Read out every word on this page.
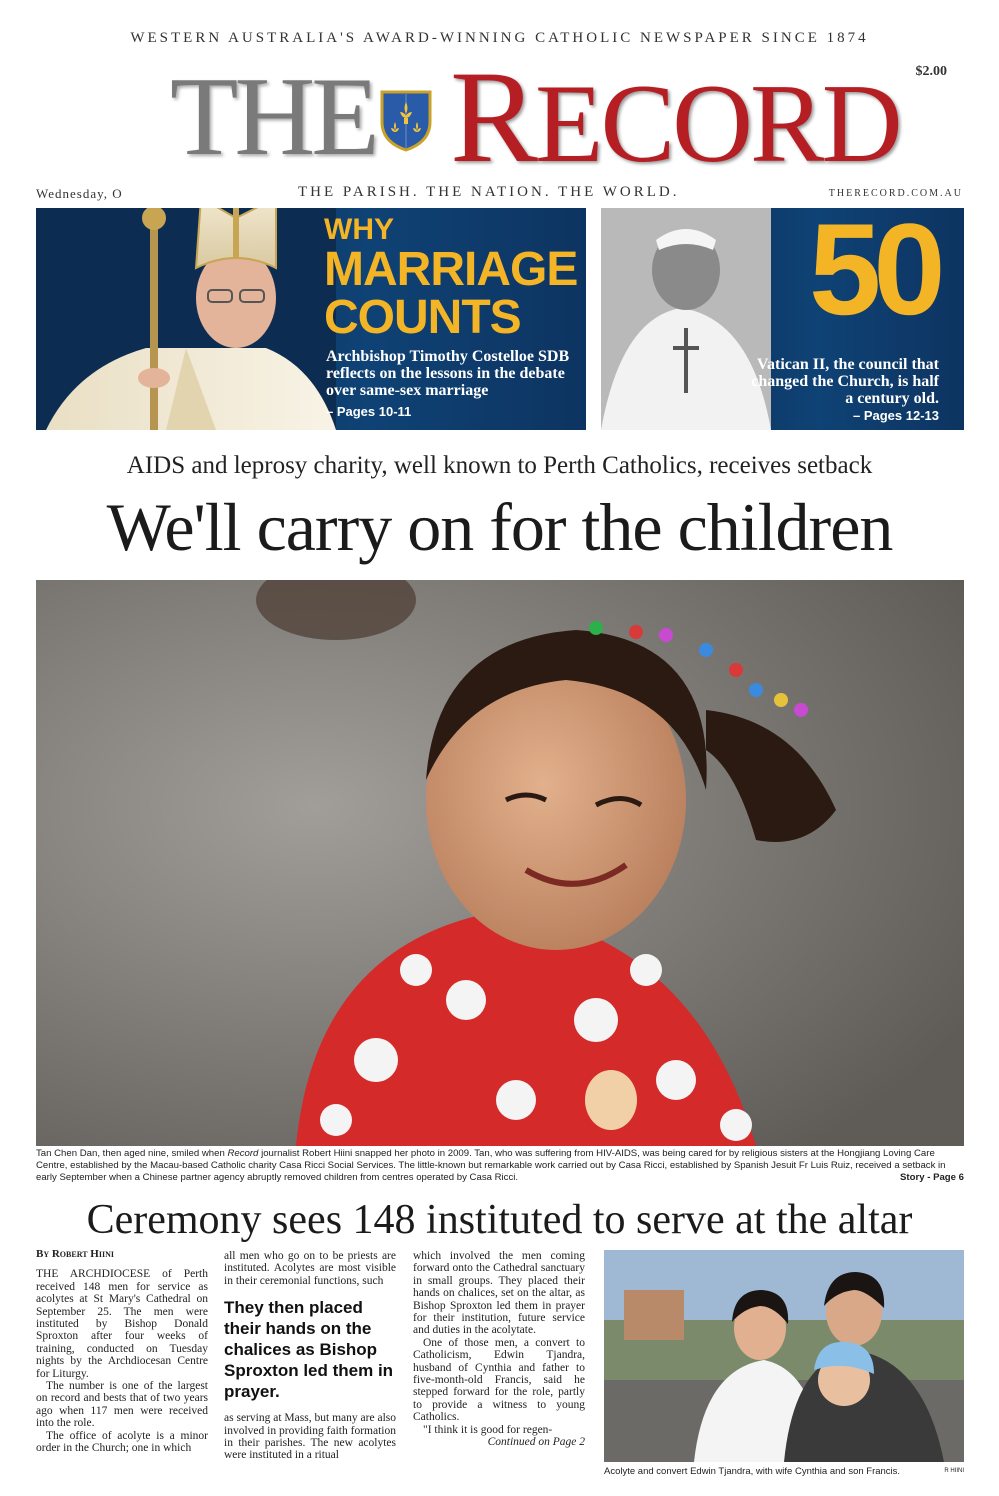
WESTERN AUSTRALIA'S AWARD-WINNING CATHOLIC NEWSPAPER SINCE 1874
$2.00
THE RECORD
Wednesday, O	THE PARISH. THE NATION. THE WORLD.	THERECORD.COM.AU
WHY
MARRIAGE
COUNTS
Archbishop Timothy Costelloe SDB reflects on the lessons in the debate over same-sex marriage
– Pages 10-11
50
Vatican II, the council that changed the Church, is half a century old.
– Pages 12-13
AIDS and leprosy charity, well known to Perth Catholics, receives setback
We'll carry on for the children
Tan Chen Dan, then aged nine, smiled when Record journalist Robert Hiini snapped her photo in 2009. Tan, who was suffering from HIV-AIDS, was being cared for by religious sisters at the Hongjiang Loving Care Centre, established by the Macau-based Catholic charity Casa Ricci Social Services. The little-known but remarkable work carried out by Casa Ricci, established by Spanish Jesuit Fr Luis Ruiz, received a setback in early September when a Chinese partner agency abruptly removed children from centres operated by Casa Ricci.	Story - Page 6
Ceremony sees 148 instituted to serve at the altar
By Robert Hiini
THE ARCHDIOCESE of Perth received 148 men for service as acolytes at St Mary's Cathedral on September 25. The men were instituted by Bishop Donald Sproxton after four weeks of training, conducted on Tuesday nights by the Archdiocesan Centre for Liturgy.
The number is one of the largest on record and bests that of two years ago when 117 men were received into the role.
The office of acolyte is a minor order in the Church; one in which
all men who go on to be priests are instituted. Acolytes are most visible in their ceremonial functions, such
They then placed their hands on the chalices as Bishop Sproxton led them in prayer.
as serving at Mass, but many are also involved in providing faith formation in their parishes. The new acolytes were instituted in a ritual
which involved the men coming forward onto the Cathedral sanctuary in small groups. They placed their hands on chalices, set on the altar, as Bishop Sproxton led them in prayer for their institution, future service and duties in the acolytate.
One of those men, a convert to Catholicism, Edwin Tjandra, husband of Cynthia and father to five-month-old Francis, said he stepped forward for the role, partly to provide a witness to young Catholics.
"I think it is good for regen-
Continued on Page 2
Acolyte and convert Edwin Tjandra, with wife Cynthia and son Francis.	R HIINI
